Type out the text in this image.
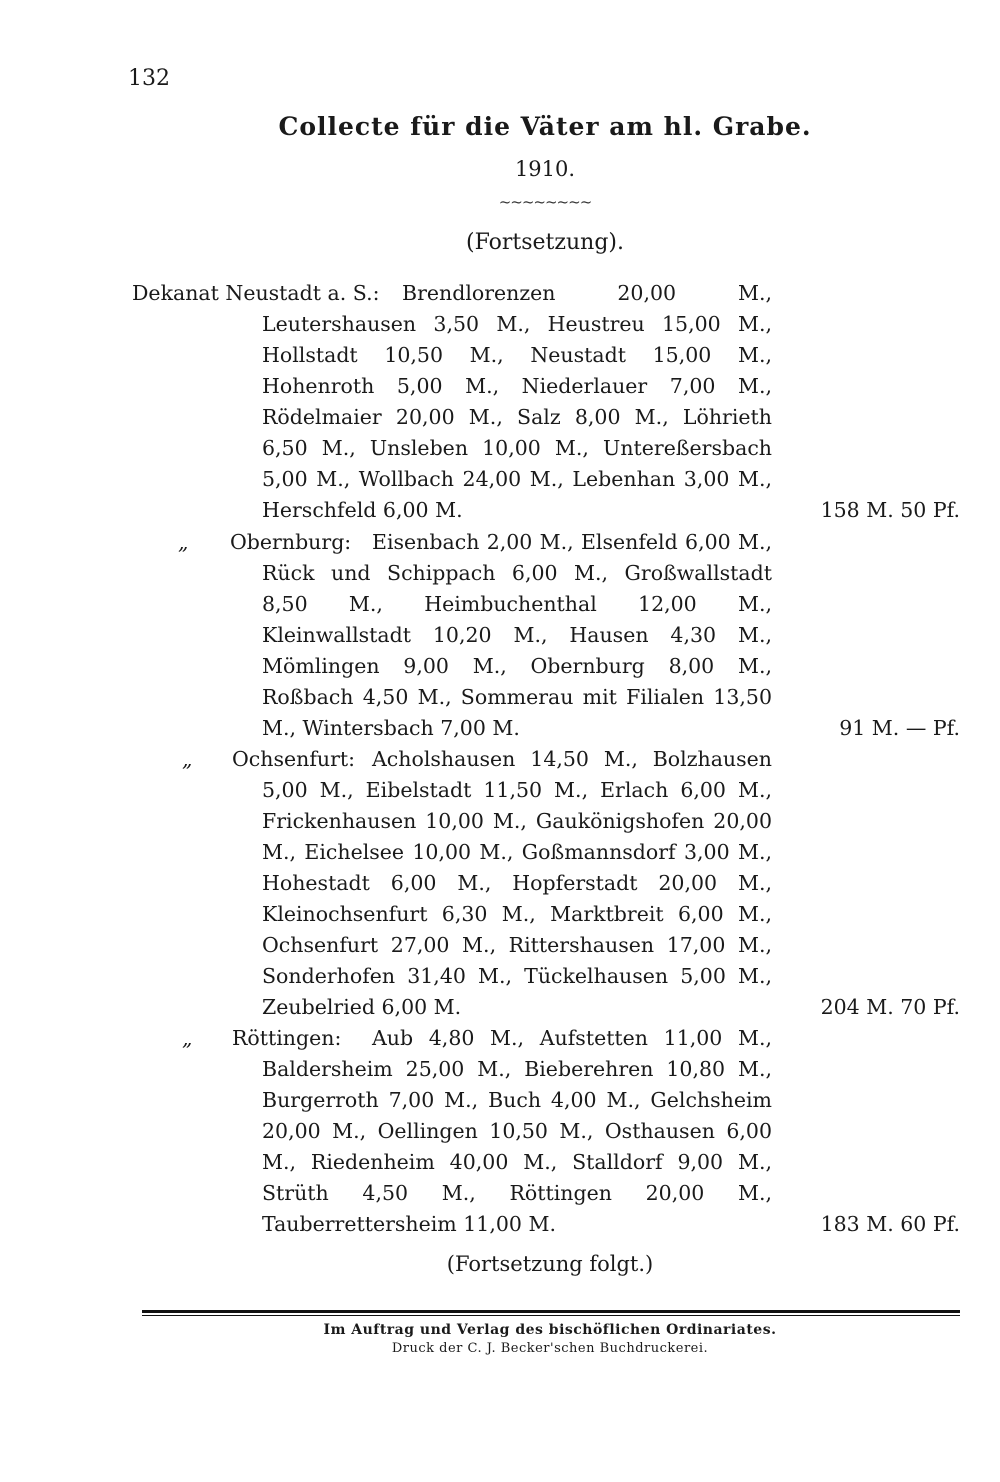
132
Collecte für die Väter am hl. Grabe.
1910.
~~~~~~~~
(Fortsetzung).
Dekanat Neustadt a. S.:	Brendlorenzen 20,00 M., Leutershausen 3,50 M., Heustreu 15,00 M., Hollstadt 10,50 M., Neustadt 15,00 M., Hohenroth 5,00 M., Niederlauer 7,00 M., Rödelmaier 20,00 M., Salz 8,00 M., Löhrieth 6,50 M., Unsleben 10,00 M., Untereßersbach 5,00 M., Wollbach 24,00 M., Lebenhan 3,00 M., Herschfeld 6,00 M.	158 M. 50 Pf.
„ Obernburg:	Eisenbach 2,00 M., Elsenfeld 6,00 M., Rück und Schippach 6,00 M., Großwallstadt 8,50 M., Heimbuchenthal 12,00 M., Kleinwallstadt 10,20 M., Hausen 4,30 M., Mömlingen 9,00 M., Obernburg 8,00 M., Roßbach 4,50 M., Sommerau mit Filialen 13,50 M., Wintersbach 7,00 M.	91 M. — Pf.
„ Ochsenfurt: Acholshausen 14,50 M., Bolzhausen 5,00 M., Eibelstadt 11,50 M., Erlach 6,00 M., Frickenhausen 10,00 M., Gaukönigshofen 20,00 M., Eichelsee 10,00 M., Goßmannsdorf 3,00 M., Hohestadt 6,00 M., Hopferstadt 20,00 M., Kleinochsenfurt 6,30 M., Marktbreit 6,00 M., Ochsenfurt 27,00 M., Rittershausen 17,00 M., Sonderhofen 31,40 M., Tückelhausen 5,00 M., Zeubelried 6,00 M.	204 M. 70 Pf.
„ Röttingen:	Aub 4,80 M., Aufstetten 11,00 M., Baldersheim 25,00 M., Bieberehren 10,80 M., Burgerroth 7,00 M., Buch 4,00 M., Gelchsheim 20,00 M., Oellingen 10,50 M., Osthausen 6,00 M., Riedenheim 40,00 M., Stalldorf 9,00 M., Strüth 4,50 M., Röttingen 20,00 M., Tauberrettersheim 11,00 M.	183 M. 60 Pf.
(Fortsetzung folgt.)
Im Auftrag und Verlag des bischöflichen Ordinariates.
Druck der C. J. Becker'schen Buchdruckerei.
